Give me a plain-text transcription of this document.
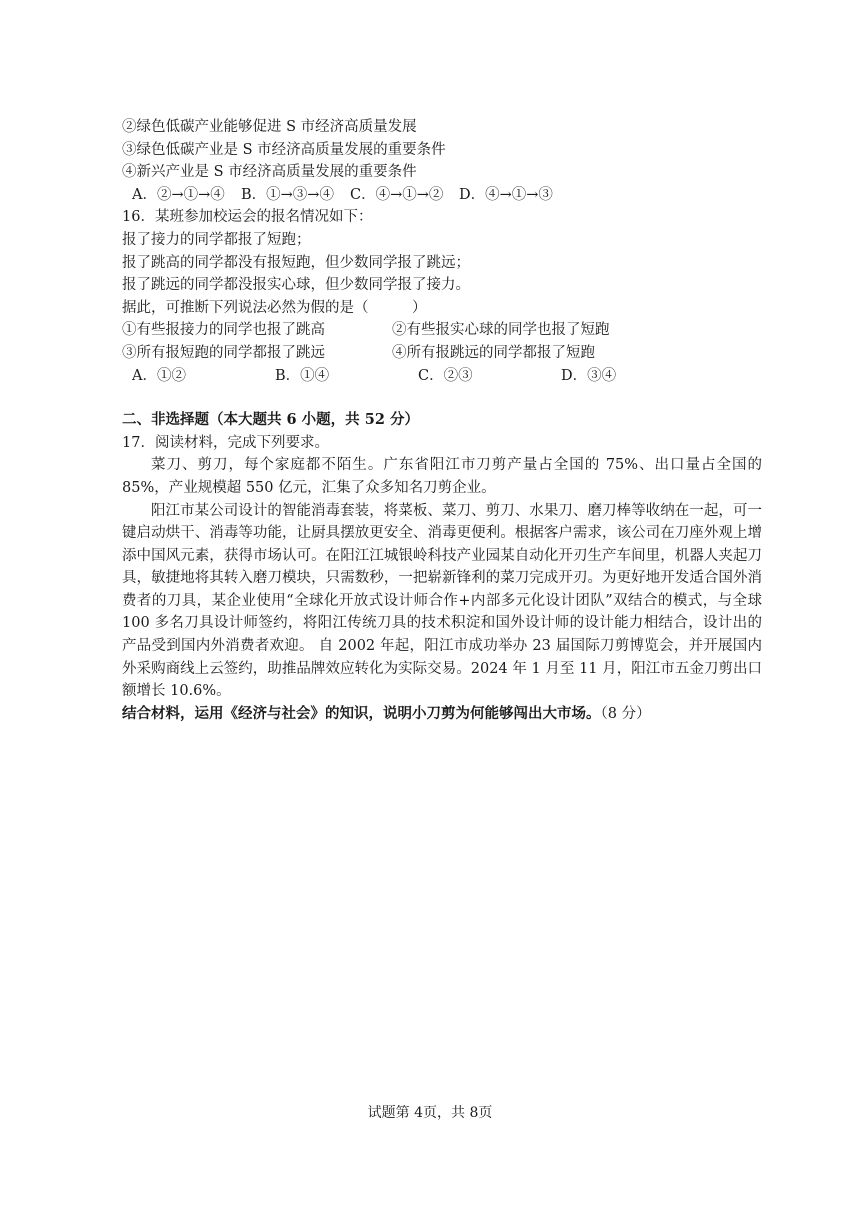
②绿色低碳产业能够促进 S 市经济高质量发展
③绿色低碳产业是 S 市经济高质量发展的重要条件
④新兴产业是 S 市经济高质量发展的重要条件
A．②→①→④	B．①→③→④	C．④→①→②	D．④→①→③
16．某班参加校运会的报名情况如下：
报了接力的同学都报了短跑；
报了跳高的同学都没有报短跑，但少数同学报了跳远；
报了跳远的同学都没报实心球，但少数同学报了接力。
据此，可推断下列说法必然为假的是（　　　）
①有些报接力的同学也报了跳高	②有些报实心球的同学也报了短跑
③所有报短跑的同学都报了跳远	④所有报跳远的同学都报了短跑
A．①②	B．①④	C．②③	D．③④
二、非选择题（本大题共 6 小题，共 52 分）
17．阅读材料，完成下列要求。
菜刀、剪刀，每个家庭都不陌生。广东省阳江市刀剪产量占全国的 75%、出口量占全国的 85%，产业规模超 550 亿元，汇集了众多知名刀剪企业。
阳江市某公司设计的智能消毒套装，将菜板、菜刀、剪刀、水果刀、磨刀棒等收纳在一起，可一键启动烘干、消毒等功能，让厨具摆放更安全、消毒更便利。根据客户需求，该公司在刀座外观上增添中国风元素，获得市场认可。在阳江江城银岭科技产业园某自动化开刃生产车间里，机器人夹起刀具，敏捷地将其转入磨刀模块，只需数秒，一把崭新锋利的菜刀完成开刃。为更好地开发适合国外消费者的刀具，某企业使用“全球化开放式设计师合作+内部多元化设计团队”双结合的模式，与全球 100 多名刀具设计师签约，将阳江传统刀具的技术积淀和国外设计师的设计能力相结合，设计出的产品受到国内外消费者欢迎。 自 2002 年起，阳江市成功举办 23 届国际刀剪博览会，并开展国内外采购商线上云签约，助推品牌效应转化为实际交易。2024 年 1 月至 11 月，阳江市五金刀剪出口额增长 10.6%。
结合材料，运用《经济与社会》的知识，说明小刀剪为何能够闯出大市场。（8 分）
试题第 4页，共 8页
